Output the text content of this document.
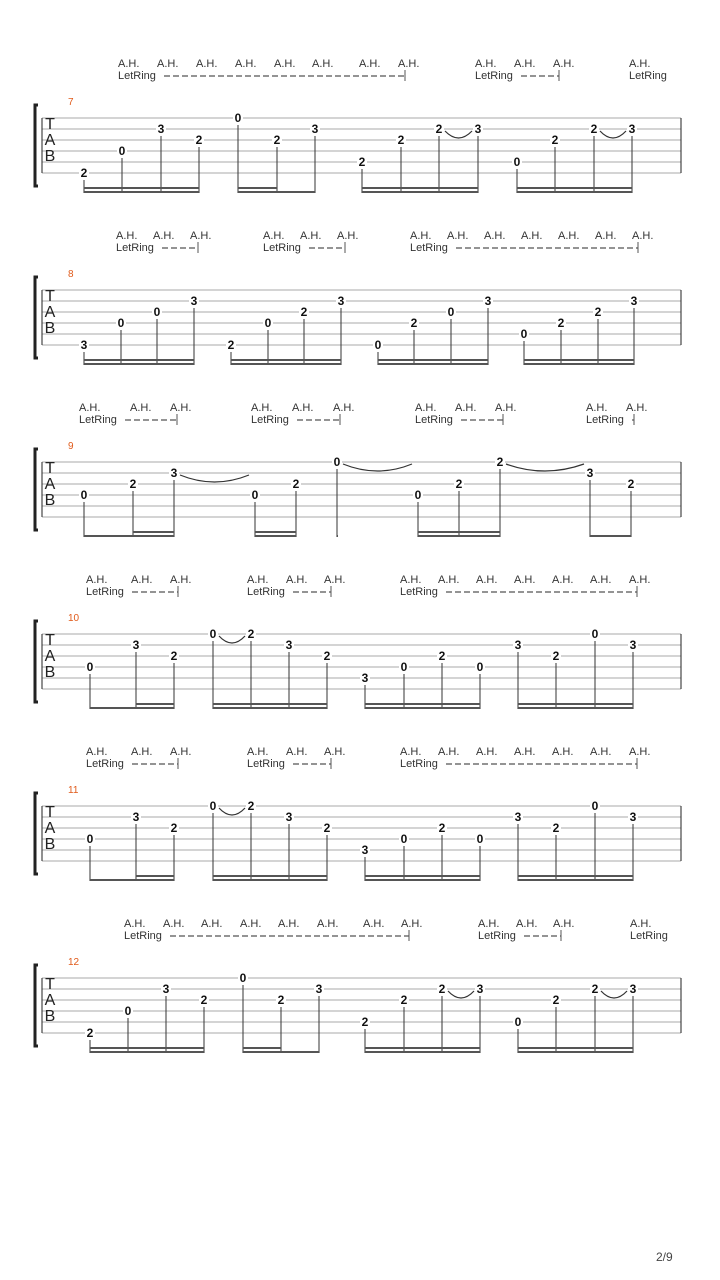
A.H. A.H. A.H. A.H. A.H. A.H. A.H. A.H.	A.H. A.H. A.H.	A.H.
LetRing	LetRing	LetRing
7
T
A
B
2
0
3
2
0
2
3
2
2
2	3
0
2
2	3
A.H. A.H. A.H.	A.H. A.H. A.H.	A.H. A.H. A.H. A.H. A.H. A.H. A.H.
LetRing	LetRing	LetRing
8
T
A
B
3
0
0
3
2
0
2
3
0
2
0
3
0
2
2
3
A.H.	A.H. A.H.	A.H. A.H. A.H.	A.H. A.H. A.H.	A.H. A.H.
LetRing	LetRing	LetRing	LetRing
9
T
A
B 0
2
3
0
2
0
0
2
2
3
2
A.H. A.H. A.H.	A.H. A.H. A.H.	A.H. A.H. A.H. A.H. A.H. A.H. A.H.
LetRing	LetRing	LetRing
10
T
A
B	0
3
2
0	2
3
2
3
0
2
0
3
2
0
3
A.H. A.H. A.H.	A.H. A.H. A.H.	A.H. A.H. A.H. A.H. A.H. A.H. A.H.
LetRing	LetRing	LetRing
11
T
A
B	0
3
2
0	2
3
2
3
0
2
0
3
2
0
3
A.H. A.H. A.H. A.H. A.H. A.H. A.H. A.H.	A.H. A.H. A.H.	A.H.
LetRing	LetRing	LetRing
12
T
A
B
2
0
3
2
0
2
3
2
2
2	3
0
2
2	3
2/9
